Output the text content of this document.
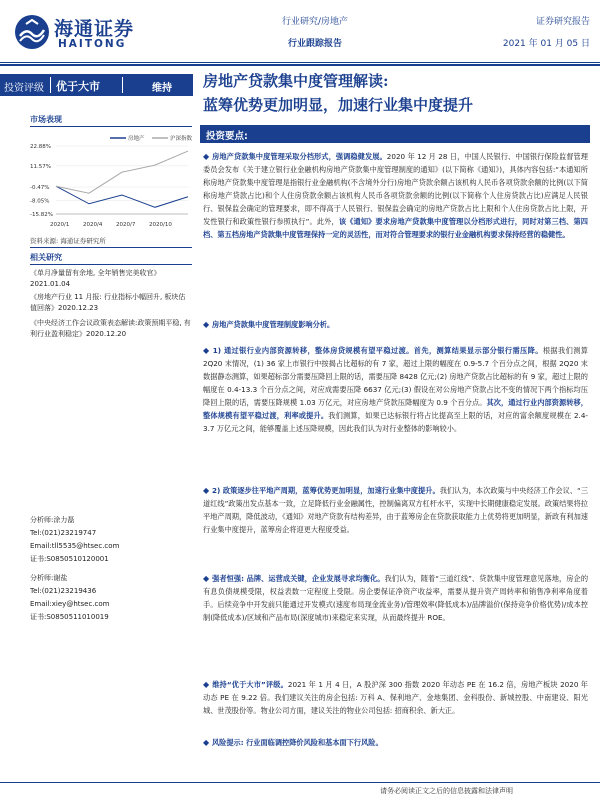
海通证券
HAITONG
行业研究/房地产
行业跟踪报告
证券研究报告
2021 年 01 月 05 日
投资评级 优于大市	维持 房地产贷款集中度管理解读:
蓝筹优势更加明显，加速行业集中度提升
市场表现
22.88%
11.57%
-0.47%
-8.05%
-15.82%
2020/1 2020/4 2020/7 2020/10
房地产	沪深指数
资料来源: 海通证券研究所
相关研究
《单月净量留有余地, 全年销售完美收官》2021.01.04
《房地产行业 11 月报: 行业指标小幅回升, 板块估值回落》2020.12.23
《中央经济工作会议政策表态解读:政策预期平稳, 有利行业盈利稳定》2020.12.20
分析师:涂力磊
Tel:(021)23219747
Email:tll5535@htsec.com
证书:S0850510120001
分析师:谢盐
Tel:(021)23219436
Email:xiey@htsec.com
证书:S0850511010019
投资要点:
◆ 房地产贷款集中度管理采取分档形式，强调稳健发展。2020 年 12 月 28 日，中国人民银行、中国银行保险监督管理委员会发布《关于建立银行业金融机构房地产贷款集中度管理制度的通知》(以下简称《通知》)，具体内容包括:“本通知所称房地产贷款集中度管理是指银行业金融机构(不含境外分行)房地产贷款余额占该机构人民币各项贷款余额的比例(以下简称房地产贷款占比)和个人住房贷款余额占该机构人民币各项贷款余额的比例(以下简称个人住房贷款占比)应满足人民银行、银保监会确定的管理要求，即不得高于人民银行、银保监会确定的房地产贷款占比上限和个人住房贷款占比上限，开发性银行和政策性银行参照执行”。此外，该《通知》要求房地产贷款集中度管理以分档形式进行，同时对第三档、第四档、第五档房地产贷款集中度管理保持一定的灵活性，而对符合管理要求的银行业金融机构要求保持经营的稳健性。
◆ 房地产贷款集中度管理制度影响分析。
◆ 1) 通过银行业内部资源转移，整体房贷规模有望平稳过渡。首先，测算结果显示部分银行需压降。根据我们测算 2Q20 末情况，(1) 36 家上市银行中按揭占比超标的有 7 家，超过上限的幅度在 0.9-5.7 个百分点之间，根据 2Q20 末数据静态测算，如果超标部分需要压降回上限的话，需要压降 8428 亿元;(2) 房地产贷款占比超标的有 9 家，超过上限的幅度在 0.4-13.3 个百分点之间，对应成需要压降 6637 亿元;(3) 假设在对公房地产贷款占比不变的情况下两个指标均压降回上限的话，需要压降规模 1.03 万亿元，对应房地产贷款压降幅度为 0.9 个百分点。其次，通过行业内部资源转移，整体规模有望平稳过渡，利率或提升。我们测算，如果已达标银行将占比提高至上限的话，对应的富余额度规模在 2.4-3.7 万亿元之间，能够覆盖上述压降规模，因此我们认为对行业整体的影响较小。
◆ 2) 政策逐步往平地产周期，蓝筹优势更加明显，加速行业集中度提升。我们认为，本次政策与中央经济工作会议、“三道红线”政策出发点基本一致，立足降低行业金融属性，控制偏离双方杠杆水平，实现中长期健康稳定发展。政策结果将拉平地产周期，降低波动，《通知》对地产贷款有结构差异，由于蓝筹房企在贷款获取能力上优势将更加明显，新政有利加速行业集中度提升，蓝筹房企将迎更大程度受益。
◆ 强者恒强: 品牌、运营成关键，企业发展寻求均衡化。我们认为，随着“三道红线”、贷款集中度管理意见落地，房企的有息负债规模受限，权益表数一定程度上受限。房企要保证净资产收益率，需要从提升资产周转率和销售净利率角度着手。后续竞争中开发前只能通过开发模式(速度布局现金流业务)/管理效率(降低成本)/品牌溢价(保持竞争价格优势)/成本控制(降低成本)/区域和产品布局(深度城市)来稳定来实现，从而最终提升 ROE。
◆ 维持“优于大市”评级。2021 年 1 月 4 日，A 股沪深 300 指数 2020 年动态 PE 在 16.2 倍，房地产板块 2020 年动态 PE 在 9.22 倍。我们建议关注的房企包括: 万科 A、保利地产、金地集团、金科股份、新城控股、中南建设、阳光城、世茂股份等。物业公司方面，建议关注的物业公司包括: 招商积余、新大正。
◆ 风险提示: 行业面临调控降价风险和基本面下行风险。
请务必阅读正文之后的信息披露和法律声明
